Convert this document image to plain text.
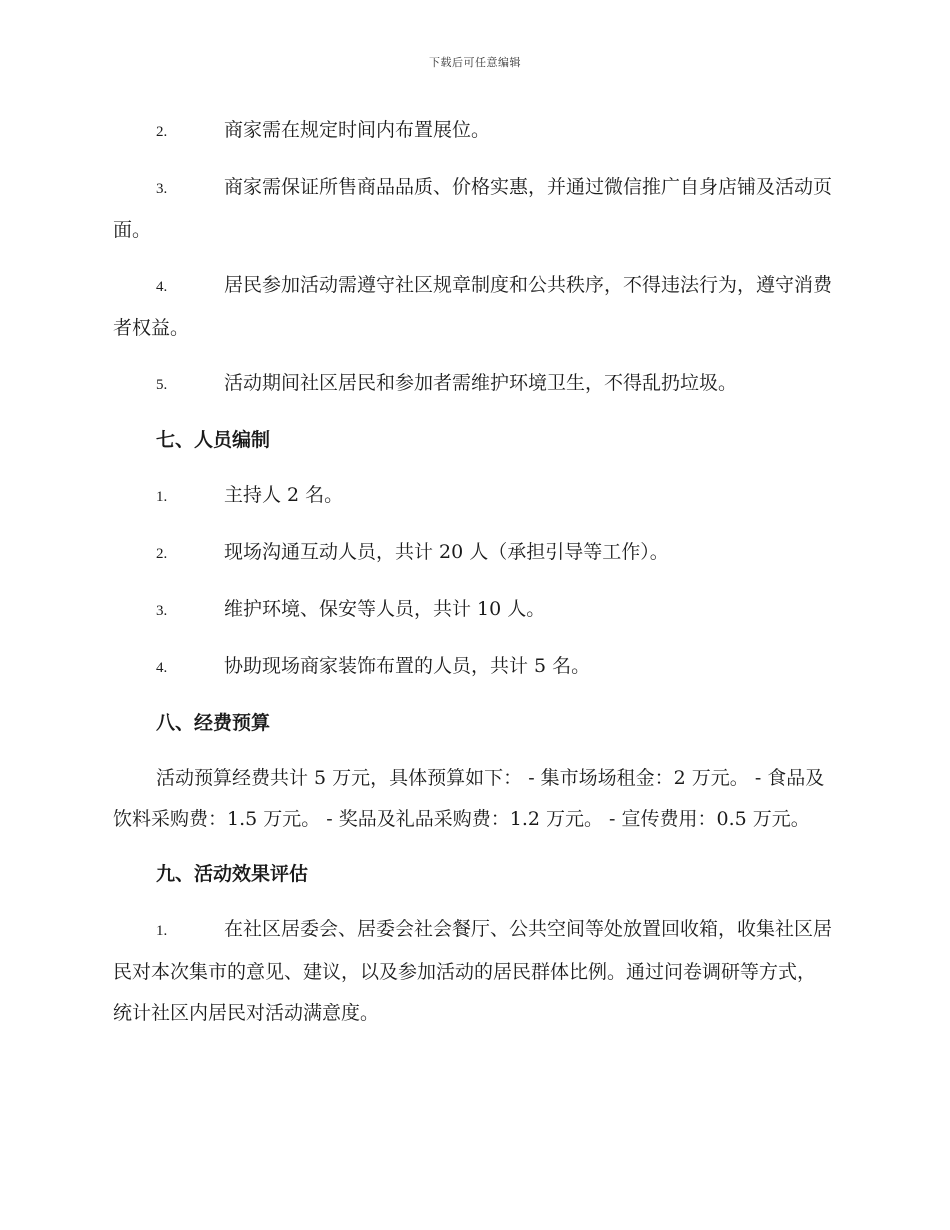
下载后可任意编辑
2.	商家需在规定时间内布置展位。
3.	商家需保证所售商品品质、价格实惠，并通过微信推广自身店铺及活动页面。
4.	居民参加活动需遵守社区规章制度和公共秩序，不得违法行为，遵守消费者权益。
5.	活动期间社区居民和参加者需维护环境卫生，不得乱扔垃圾。
七、人员编制
1.	主持人 2 名。
2.	现场沟通互动人员，共计 20 人（承担引导等工作）。
3.	维护环境、保安等人员，共计 10 人。
4.	协助现场商家装饰布置的人员，共计 5 名。
八、经费预算
活动预算经费共计 5 万元，具体预算如下： - 集市场场租金：2 万元。 - 食品及饮料采购费：1.5 万元。 - 奖品及礼品采购费：1.2 万元。 - 宣传费用：0.5 万元。
九、活动效果评估
1.	在社区居委会、居委会社会餐厅、公共空间等处放置回收箱，收集社区居民对本次集市的意见、建议，以及参加活动的居民群体比例。通过问卷调研等方式，统计社区内居民对活动满意度。
